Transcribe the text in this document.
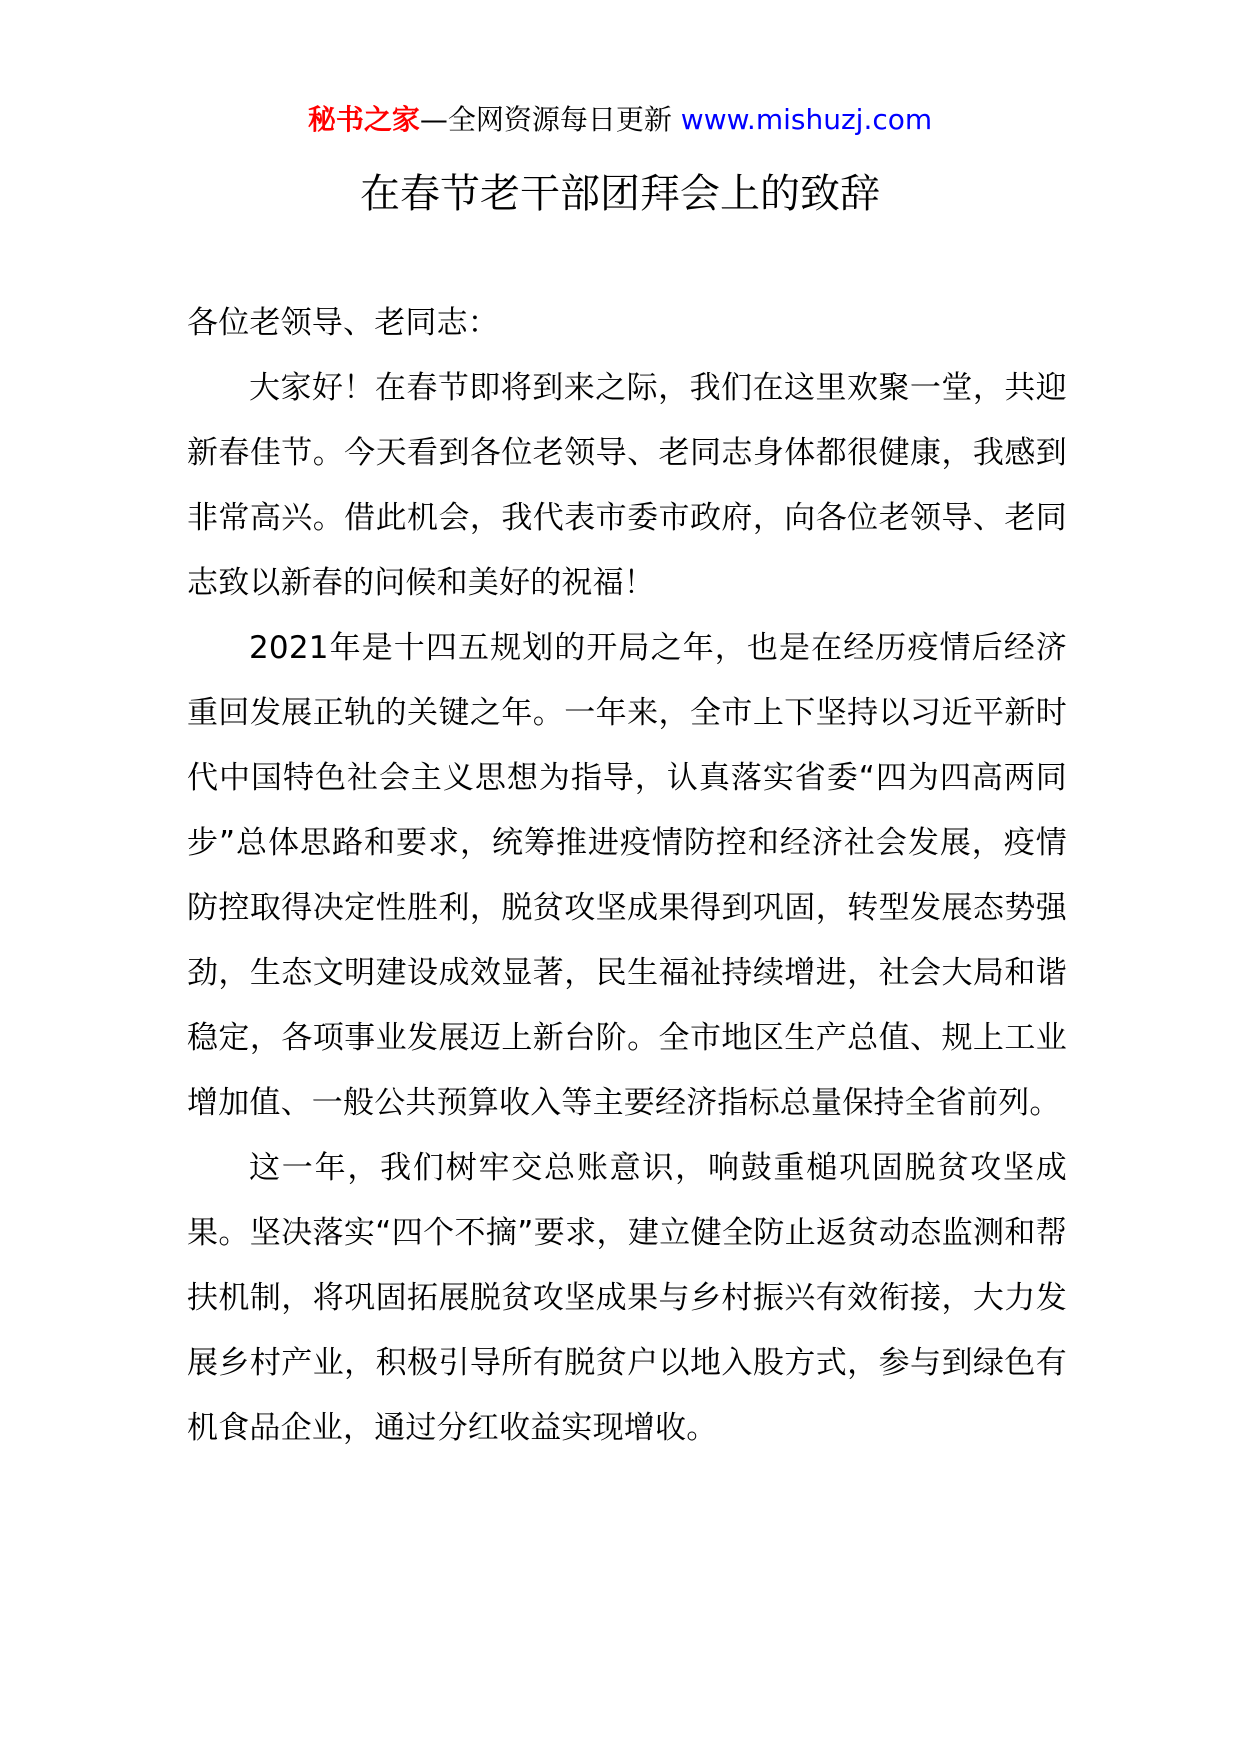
秘书之家—全网资源每日更新 www.mishuzj.com
在春节老干部团拜会上的致辞

各位老领导、老同志：

大家好！在春节即将到来之际，我们在这里欢聚一堂，共迎新春佳节。今天看到各位老领导、老同志身体都很健康，我感到非常高兴。借此机会，我代表市委市政府，向各位老领导、老同志致以新春的问候和美好的祝福！

2021年是十四五规划的开局之年，也是在经历疫情后经济重回发展正轨的关键之年。一年来，全市上下坚持以习近平新时代中国特色社会主义思想为指导，认真落实省委“四为四高两同步”总体思路和要求，统筹推进疫情防控和经济社会发展，疫情防控取得决定性胜利，脱贫攻坚成果得到巩固，转型发展态势强劲，生态文明建设成效显著，民生福祉持续增进，社会大局和谐稳定，各项事业发展迈上新台阶。全市地区生产总值、规上工业增加值、一般公共预算收入等主要经济指标总量保持全省前列。

这一年，我们树牢交总账意识，响鼓重槌巩固脱贫攻坚成果。坚决落实“四个不摘”要求，建立健全防止返贫动态监测和帮扶机制，将巩固拓展脱贫攻坚成果与乡村振兴有效衔接，大力发展乡村产业，积极引导所有脱贫户以地入股方式，参与到绿色有机食品企业，通过分红收益实现增收。
